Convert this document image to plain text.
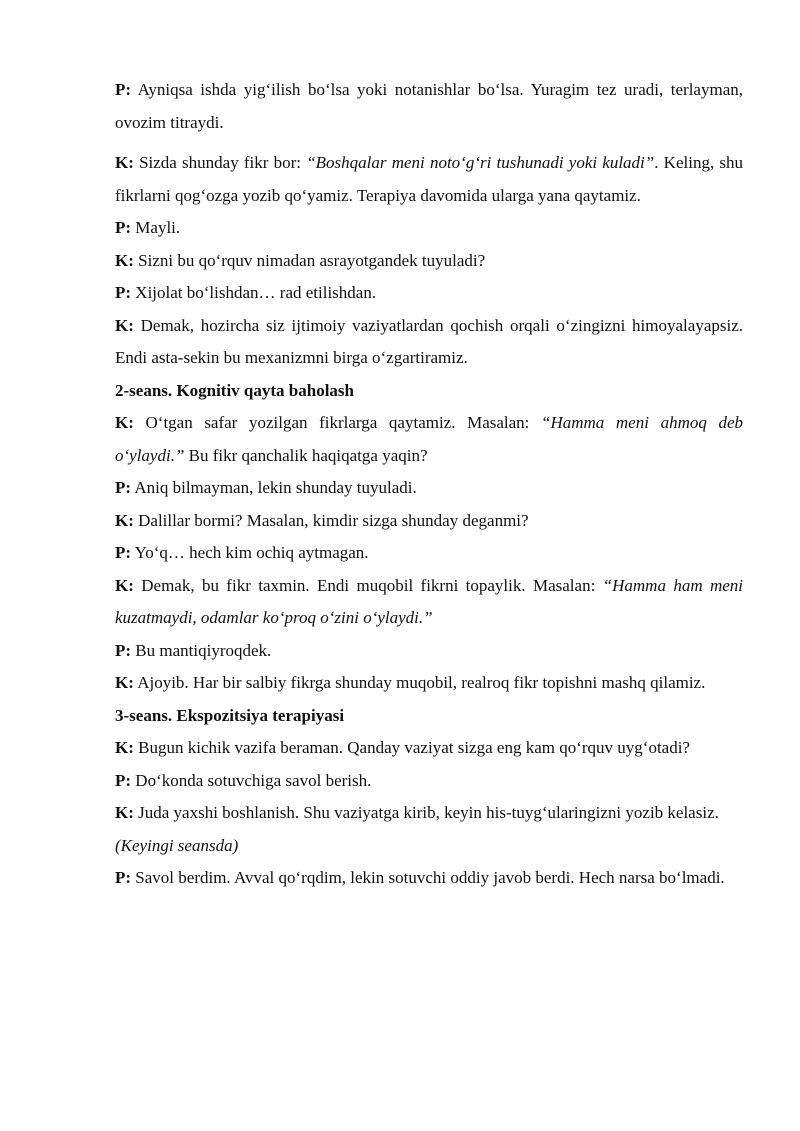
P: Ayniqsa ishda yig‘ilish bo‘lsa yoki notanishlar bo‘lsa. Yuragim tez uradi, terlayman, ovozim titraydi.

K: Sizda shunday fikr bor: “Boshqalar meni noto‘g‘ri tushunadi yoki kuladi”. Keling, shu fikrlarni qog‘ozga yozib qo‘yamiz. Terapiya davomida ularga yana qaytamiz.

P: Mayli.

K: Sizni bu qo‘rquv nimadan asrayotgandek tuyuladi?

P: Xijolat bo‘lishdan… rad etilishdan.

K: Demak, hozircha siz ijtimoiy vaziyatlardan qochish orqali o‘zingizni himoyalayapsiz. Endi asta-sekin bu mexanizmni birga o‘zgartiramiz.

2-seans. Kognitiv qayta baholash

K: O‘tgan safar yozilgan fikrlarga qaytamiz. Masalan: “Hamma meni ahmoq deb o‘ylaydi.” Bu fikr qanchalik haqiqatga yaqin?

P: Aniq bilmayman, lekin shunday tuyuladi.

K: Dalillar bormi? Masalan, kimdir sizga shunday deganmi?

P: Yo‘q… hech kim ochiq aytmagan.

K: Demak, bu fikr taxmin. Endi muqobil fikrni topaylik. Masalan: “Hamma ham meni kuzatmaydi, odamlar ko‘proq o‘zini o‘ylaydi.”

P: Bu mantiqiyroqdek.

K: Ajoyib. Har bir salbiy fikrga shunday muqobil, realroq fikr topishni mashq qilamiz.

3-seans. Ekspozitsiya terapiyasi

K: Bugun kichik vazifa beraman. Qanday vaziyat sizga eng kam qo‘rquv uyg‘otadi?

P: Do‘konda sotuvchiga savol berish.

K: Juda yaxshi boshlanish. Shu vaziyatga kirib, keyin his-tuyg‘ularingizni yozib kelasiz.

(Keyingi seansda)

P: Savol berdim. Avval qo‘rqdim, lekin sotuvchi oddiy javob berdi. Hech narsa bo‘lmadi.
